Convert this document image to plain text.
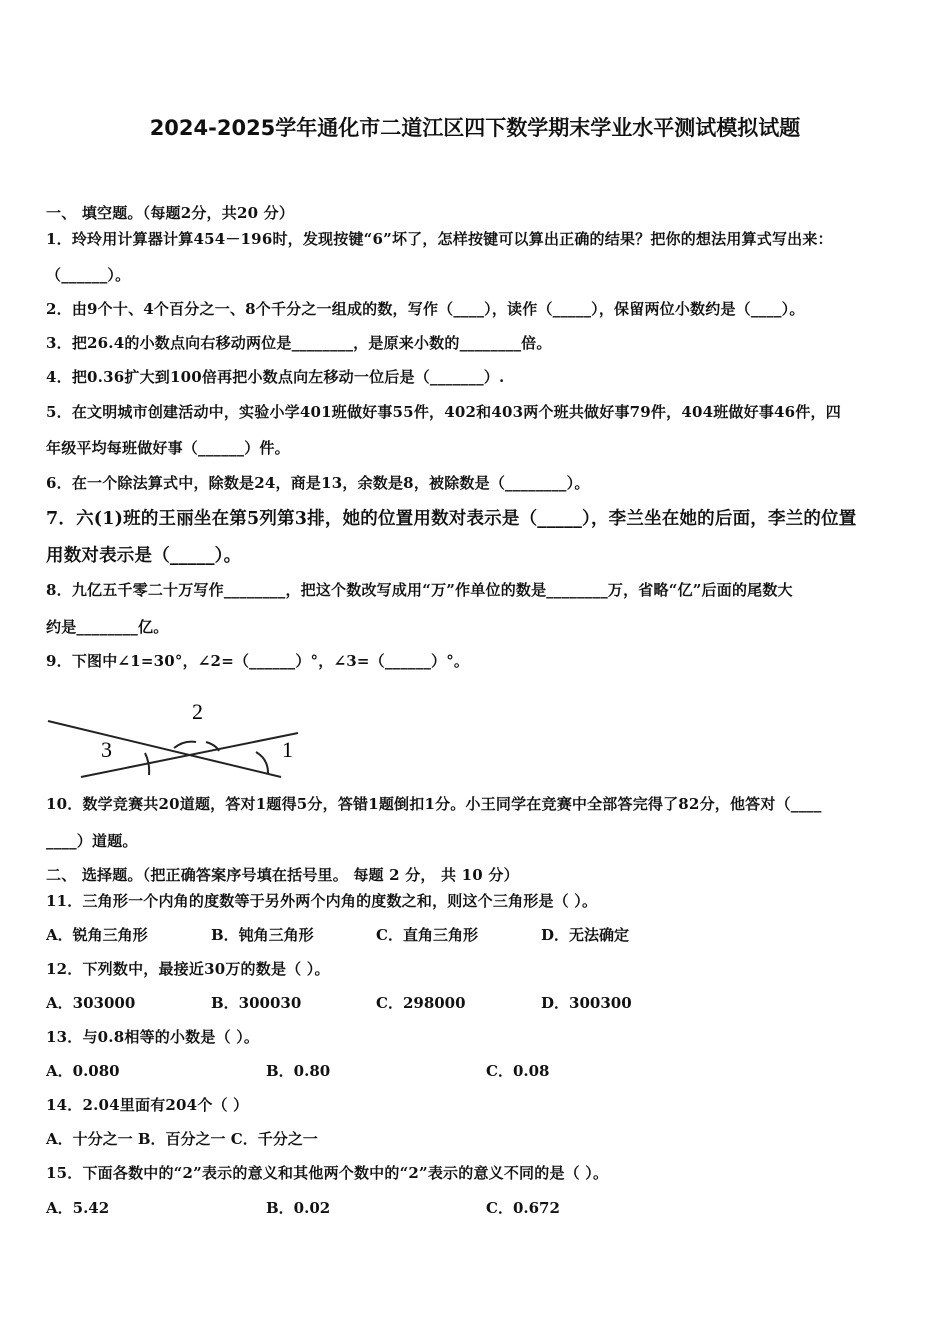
2024-2025学年通化市二道江区四下数学期末学业水平测试模拟试题
一、 填空题。（每题2分，共20 分）
1．玲玲用计算器计算454－196时，发现按键“6”坏了，怎样按键可以算出正确的结果？把你的想法用算式写出来：
（______）。
2．由9个十、4个百分之一、8个千分之一组成的数，写作（____），读作（_____），保留两位小数约是（____）。
3．把26.4的小数点向右移动两位是________，是原来小数的________倍。
4．把0.36扩大到100倍再把小数点向左移动一位后是（_______）.
5．在文明城市创建活动中，实验小学401班做好事55件，402和403两个班共做好事79件，404班做好事46件，四
年级平均每班做好事（______）件。
6．在一个除法算式中，除数是24，商是13，余数是8，被除数是（________）。
7．六(1)班的王丽坐在第5列第3排，她的位置用数对表示是（_____），李兰坐在她的后面，李兰的位置
用数对表示是（_____）。
8．九亿五千零二十万写作________，把这个数改写成用“万”作单位的数是________万，省略“亿”后面的尾数大
约是________亿。
9．下图中∠1=30°，∠2=（______）°，∠3=（______）°。
2
3	1
10．数学竞赛共20道题，答对1题得5分，答错1题倒扣1分。小王同学在竞赛中全部答完得了82分，他答对（____
____）道题。
二、 选择题。（把正确答案序号填在括号里。 每题 2 分， 共 10 分）
11．三角形一个内角的度数等于另外两个内角的度数之和，则这个三角形是（ ）。
A．锐角三角形	B．钝角三角形	C．直角三角形	D．无法确定
12．下列数中，最接近30万的数是（ ）。
A．303000	B．300030	C．298000	D．300300
13．与0.8相等的小数是（ ）。
A．0.080	B．0.80	C．0.08
14．2.04里面有204个（ ）
A．十分之一 B．百分之一 C．千分之一
15．下面各数中的“2”表示的意义和其他两个数中的“2”表示的意义不同的是（ ）。
A．5.42	B．0.02	C．0.672
